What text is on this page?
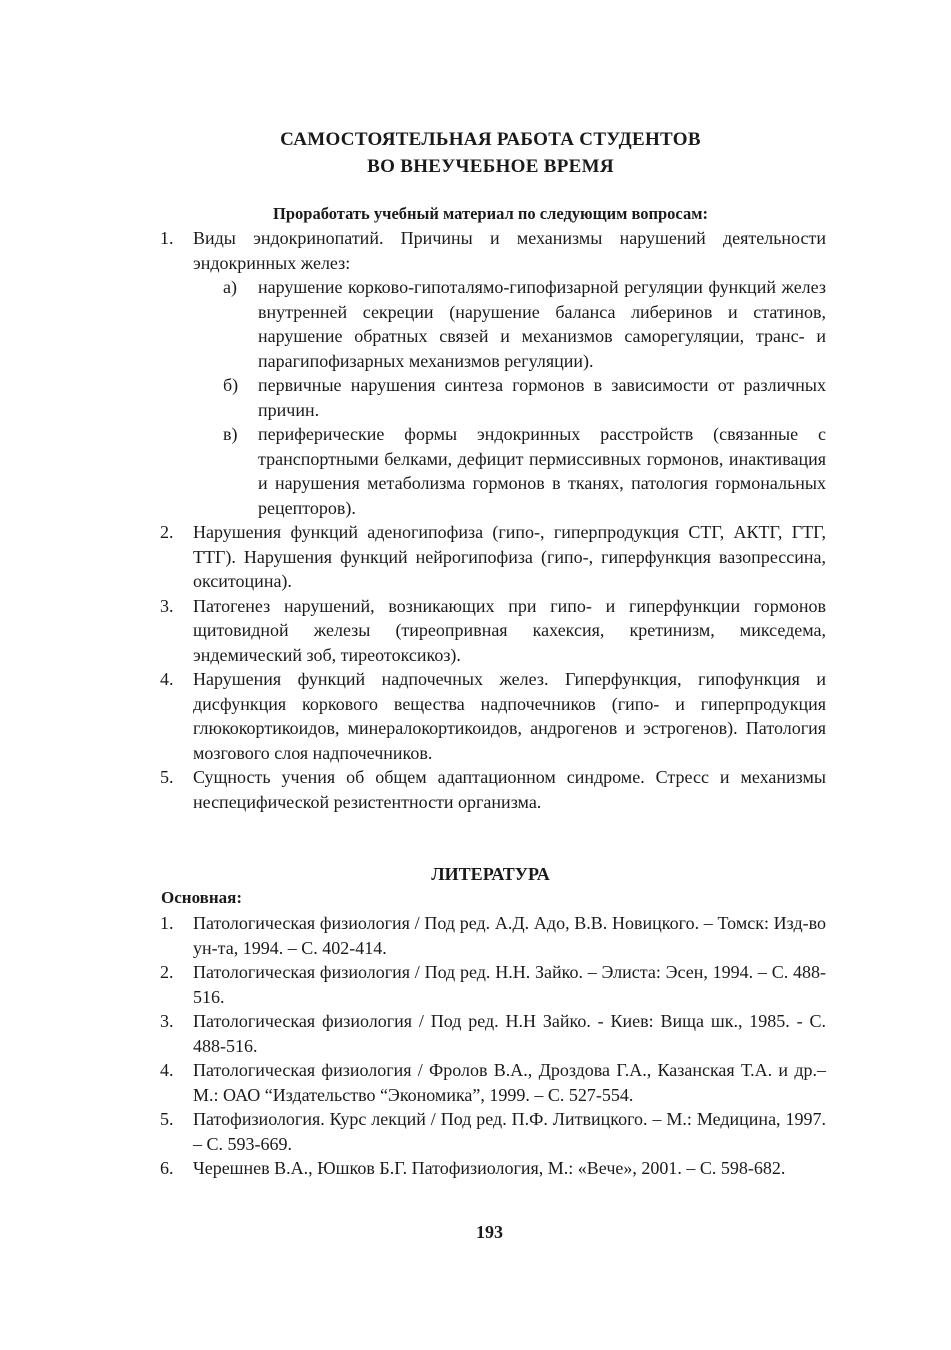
САМОСТОЯТЕЛЬНАЯ РАБОТА СТУДЕНТОВ
ВО ВНЕУЧЕБНОЕ ВРЕМЯ
Проработать учебный материал по следующим вопросам:
1. Виды эндокринопатий. Причины и механизмы нарушений деятельности эндокринных желез:
а) нарушение корково-гипоталямо-гипофизарной регуляции функций желез внутренней секреции (нарушение баланса либеринов и статинов, нарушение обратных связей и механизмов саморегуляции, транс- и парагипофизарных механизмов регуляции).
б) первичные нарушения синтеза гормонов в зависимости от различных причин.
в) периферические формы эндокринных расстройств (связанные с транспортными белками, дефицит пермиссивных гормонов, инактивация и нарушения метаболизма гормонов в тканях, патология гормональных рецепторов).
2. Нарушения функций аденогипофиза (гипо-, гиперпродукция СТГ, АКТГ, ГТГ, ТТГ). Нарушения функций нейрогипофиза (гипо-, гиперфункция вазопрессина, окситоцина).
3. Патогенез нарушений, возникающих при гипо- и гиперфункции гормонов щитовидной железы (тиреопривная кахексия, кретинизм, микседема, эндемический зоб, тиреотоксикоз).
4. Нарушения функций надпочечных желез. Гиперфункция, гипофункция и дисфункция коркового вещества надпочечников (гипо- и гиперпродукция глюкокортикоидов, минералокортикоидов, андрогенов и эстрогенов). Патология мозгового слоя надпочечников.
5. Сущность учения об общем адаптационном синдроме. Стресс и механизмы неспецифической резистентности организма.
ЛИТЕРАТУРА
Основная:
1. Патологическая физиология / Под ред. А.Д. Адо, В.В. Новицкого. – Томск: Изд-во ун-та, 1994. – С. 402-414.
2. Патологическая физиология / Под ред. Н.Н. Зайко. – Элиста: Эсен, 1994. – С. 488-516.
3. Патологическая физиология / Под ред. Н.Н Зайко. - Киев: Вища шк., 1985. - С. 488-516.
4. Патологическая физиология / Фролов В.А., Дроздова Г.А., Казанская Т.А. и др.– М.: ОАО “Издательство “Экономика”, 1999. – С. 527-554.
5. Патофизиология. Курс лекций / Под ред. П.Ф. Литвицкого. – М.: Медицина, 1997. – С. 593-669.
6. Черешнев В.А., Юшков Б.Г. Патофизиология, М.: «Вече», 2001. – С. 598-682.
193
